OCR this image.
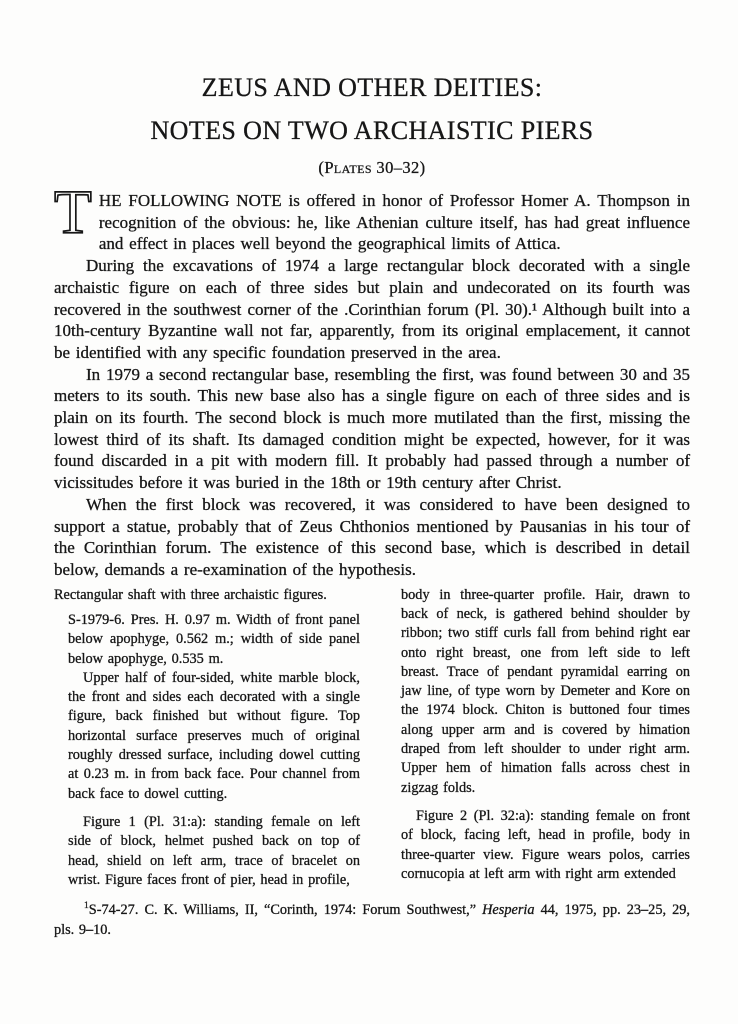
ZEUS AND OTHER DEITIES:
NOTES ON TWO ARCHAISTIC PIERS
(Plates 30–32)

THE FOLLOWING NOTE is offered in honor of Professor Homer A. Thompson in recognition of the obvious: he, like Athenian culture itself, has had great influence and effect in places well beyond the geographical limits of Attica.

During the excavations of 1974 a large rectangular block decorated with a single archaistic figure on each of three sides but plain and undecorated on its fourth was recovered in the southwest corner of the .Corinthian forum (Pl. 30).¹ Although built into a 10th-century Byzantine wall not far, apparently, from its original emplacement, it cannot be identified with any specific foundation preserved in the area.

In 1979 a second rectangular base, resembling the first, was found between 30 and 35 meters to its south. This new base also has a single figure on each of three sides and is plain on its fourth. The second block is much more mutilated than the first, missing the lowest third of its shaft. Its damaged condition might be expected, however, for it was found discarded in a pit with modern fill. It probably had passed through a number of vicissitudes before it was buried in the 18th or 19th century after Christ.

When the first block was recovered, it was considered to have been designed to support a statue, probably that of Zeus Chthonios mentioned by Pausanias in his tour of the Corinthian forum. The existence of this second base, which is described in detail below, demands a re-examination of the hypothesis.

Rectangular shaft with three archaistic figures.

S-1979-6. Pres. H. 0.97 m. Width of front panel below apophyge, 0.562 m.; width of side panel below apophyge, 0.535 m.

Upper half of four-sided, white marble block, the front and sides each decorated with a single figure, back finished but without figure. Top horizontal surface preserves much of original roughly dressed surface, including dowel cutting at 0.23 m. in from back face. Pour channel from back face to dowel cutting.

Figure 1 (Pl. 31:a): standing female on left side of block, helmet pushed back on top of head, shield on left arm, trace of bracelet on wrist. Figure faces front of pier, head in profile,

body in three-quarter profile. Hair, drawn to back of neck, is gathered behind shoulder by ribbon; two stiff curls fall from behind right ear onto right breast, one from left side to left breast. Trace of pendant pyramidal earring on jaw line, of type worn by Demeter and Kore on the 1974 block. Chiton is buttoned four times along upper arm and is covered by himation draped from left shoulder to under right arm. Upper hem of himation falls across chest in zigzag folds.

Figure 2 (Pl. 32:a): standing female on front of block, facing left, head in profile, body in three-quarter view. Figure wears polos, carries cornucopia at left arm with right arm extended

$^1$S-74-27. C. K. Williams, II, “Corinth, 1974: Forum Southwest,” Hesperia 44, 1975, pp. 23–25, 29, pls. 9–10.
